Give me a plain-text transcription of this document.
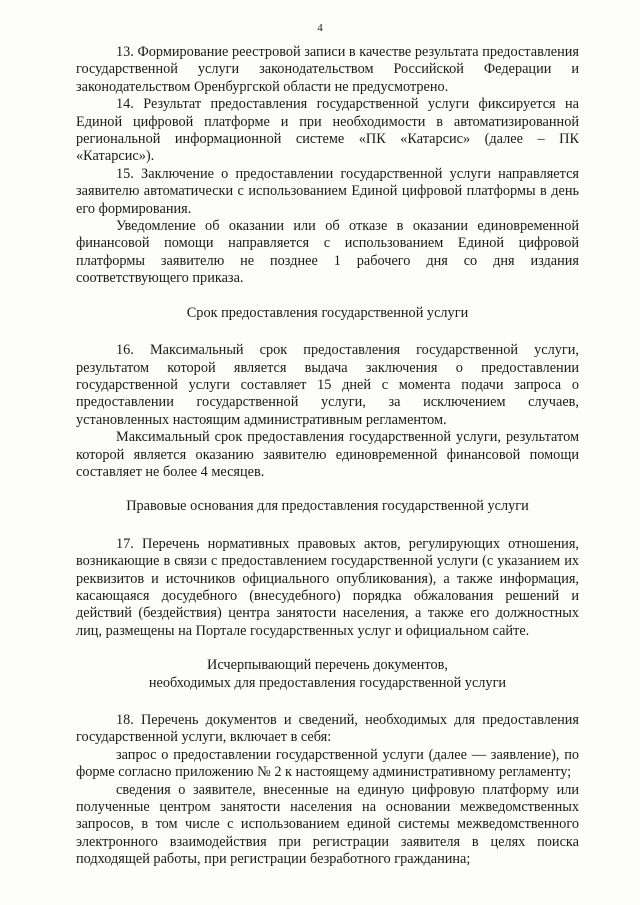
4

13. Формирование реестровой записи в качестве результата предоставления государственной услуги законодательством Российской Федерации и законодательством Оренбургской области не предусмотрено.

14. Результат предоставления государственной услуги фиксируется на Единой цифровой платформе и при необходимости в автоматизированной региональной информационной системе «ПК «Катарсис» (далее – ПК «Катарсис»).

15. Заключение о предоставлении государственной услуги направляется заявителю автоматически с использованием Единой цифровой платформы в день его формирования.

Уведомление об оказании или об отказе в оказании единовременной финансовой помощи направляется с использованием Единой цифровой платформы заявителю не позднее 1 рабочего дня со дня издания соответствующего приказа.

Срок предоставления государственной услуги

16. Максимальный срок предоставления государственной услуги, результатом которой является выдача заключения о предоставлении государственной услуги составляет 15 дней с момента подачи запроса о предоставлении государственной услуги, за исключением случаев, установленных настоящим административным регламентом.

Максимальный срок предоставления государственной услуги, результатом которой является оказанию заявителю единовременной финансовой помощи составляет не более 4 месяцев.

Правовые основания для предоставления государственной услуги

17. Перечень нормативных правовых актов, регулирующих отношения, возникающие в связи с предоставлением государственной услуги (с указанием их реквизитов и источников официального опубликования), а также информация, касающаяся досудебного (внесудебного) порядка обжалования решений и действий (бездействия) центра занятости населения, а также его должностных лиц, размещены на Портале государственных услуг и официальном сайте.

Исчерпывающий перечень документов,
необходимых для предоставления государственной услуги

18. Перечень документов и сведений, необходимых для предоставления государственной услуги, включает в себя:

запрос о предоставлении государственной услуги (далее — заявление), по форме согласно приложению № 2 к настоящему административному регламенту;

сведения о заявителе, внесенные на единую цифровую платформу или полученные центром занятости населения на основании межведомственных запросов, в том числе с использованием единой системы межведомственного электронного взаимодействия при регистрации заявителя в целях поиска подходящей работы, при регистрации безработного гражданина;
